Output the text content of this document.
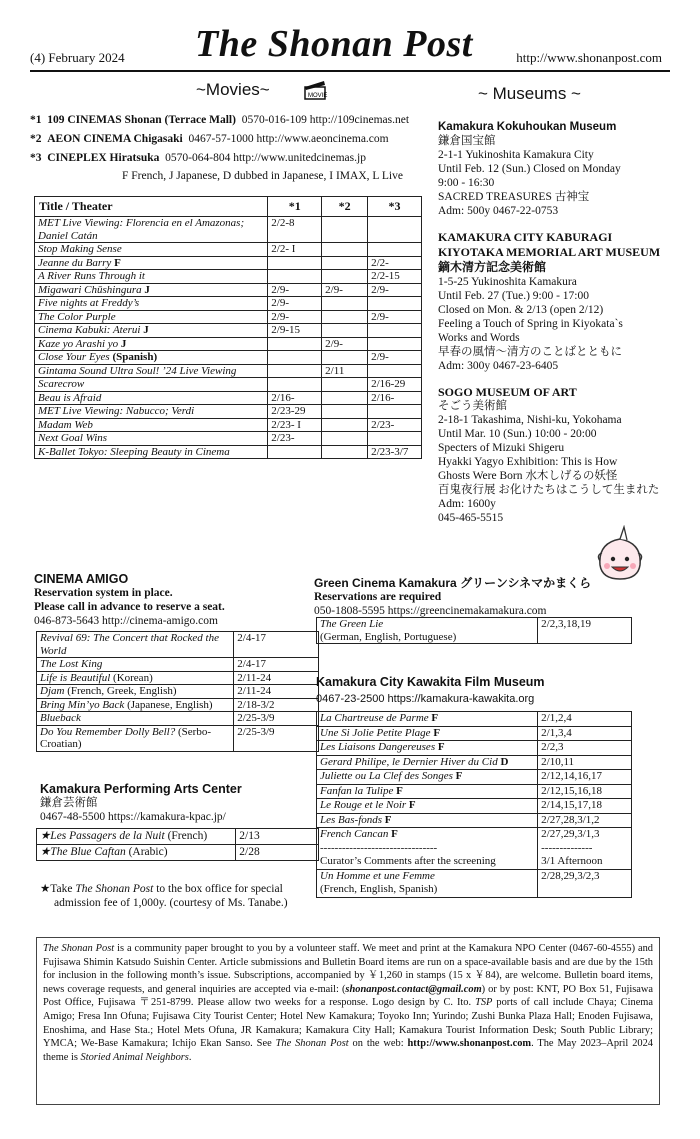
(4) February 2024 The Shonan Post	http://www.shonanpost.com
~Movies~	MOVIE
*1 109 CINEMAS Shonan (Terrace Mall) 0570-016-109 http://109cinemas.net
*2 AEON CINEMA Chigasaki 0467-57-1000 http://www.aeoncinema.com
*3 CINEPLEX Hiratsuka 0570-064-804 http://www.unitedcinemas.jp
F French, J Japanese, D dubbed in Japanese, I IMAX, L Live
Title / Theater	*1	*2	*3
MET Live Viewing: Florencia en el Amazonas; Daniel Catán	2/2-8		
Stop Making Sense	2/2- I		
Jeanne du Barry F			2/2-
A River Runs Through it			2/2-15
Migawari Chūshingura J	2/9-	2/9-	2/9-
Five nights at Freddy’s	2/9-		
The Color Purple	2/9-		2/9-
Cinema Kabuki: Aterui J	2/9-15		
Kaze yo Arashi yo J		2/9-	
Close Your Eyes (Spanish)			2/9-
Gintama Sound Ultra Soul! ’24 Live Viewing		2/11	
Scarecrow			2/16-29
Beau is Afraid	2/16-		2/16-
MET Live Viewing: Nabucco; Verdi	2/23-29		
Madam Web	2/23- I		2/23-
Next Goal Wins	2/23-		
K-Ballet Tokyo: Sleeping Beauty in Cinema			2/23-3/7
~ Museums ~
Kamakura Kokuhoukan Museum
鎌倉国宝館
2-1-1 Yukinoshita Kamakura City
Until Feb. 12 (Sun.) Closed on Monday
9:00 - 16:30
SACRED TREASURES 古神宝
Adm: 500y 0467-22-0753
KAMAKURA CITY KABURAGI KIYOTAKA MEMORIAL ART MUSEUM 鏑木清方記念美術館
1-5-25 Yukinoshita Kamakura
Until Feb. 27 (Tue.) 9:00 - 17:00
Closed on Mon. & 2/13 (open 2/12)
Feeling a Touch of Spring in Kiyokata`s
Works and Words
早春の風情～清方のことばとともに
Adm: 300y 0467-23-6405
SOGO MUSEUM OF ART
そごう美術館
2-18-1 Takashima, Nishi-ku, Yokohama
Until Mar. 10 (Sun.) 10:00 - 20:00
Specters of Mizuki Shigeru
Hyakki Yagyo Exhibition: This is How
Ghosts Were Born 水木しげるの妖怪
百鬼夜行展 お化けたちはこうして生まれた
Adm: 1600y
045-465-5515
CINEMA AMIGO
Reservation system in place.
Please call in advance to reserve a seat.
046-873-5643 http://cinema-amigo.com
Revival 69: The Concert that Rocked the World	2/4-17
The Lost King	2/4-17
Life is Beautiful (Korean)	2/11-24
Djam (French, Greek, English)	2/11-24
Bring Min’yo Back (Japanese, English)	2/18-3/2
Blueback	2/25-3/9
Do You Remember Dolly Bell? (Serbo-Croatian)	2/25-3/9
Kamakura Performing Arts Center
鎌倉芸術館
0467-48-5500 https://kamakura-kpac.jp/
★Les Passagers de la Nuit (French)	2/13
★The Blue Caftan (Arabic)	2/28
★Take The Shonan Post to the box office for special
admission fee of 1,000y. (courtesy of Ms. Tanabe.)
Green Cinema Kamakura グリーンシネマかまくら
Reservations are required
050-1808-5595 https://greencinemakamakura.com
The Green Lie
(German, English, Portuguese)	2/2,3,18,19
Kamakura City Kawakita Film Museum
0467-23-2500 https://kamakura-kawakita.org
La Chartreuse de Parme F	2/1,2,4
Une Si Jolie Petite Plage F	2/1,3,4
Les Liaisons Dangereuses F	2/2,3
Gerard Philipe, le Dernier Hiver du Cid D	2/10,11
Juliette ou La Clef des Songes F	2/12,14,16,17
Fanfan la Tulipe F	2/12,15,16,18
Le Rouge et le Noir F	2/14,15,17,18
Les Bas-fonds F	2/27,28,3/1,2
French Cancan F
--------------------------------
Curator’s Comments after the screening	2/27,29,3/1,3
--------------
3/1 Afternoon
Un Homme et une Femme
(French, English, Spanish)	2/28,29,3/2,3
The Shonan Post is a community paper brought to you by a volunteer staff. We meet and print at the Kamakura NPO Center (0467-60-4555) and Fujisawa Shimin Katsudo Suishin Center. Article submissions and Bulletin Board items are run on a space-available basis and are due by the 15th for inclusion in the following month’s issue. Subscriptions, accompanied by ￥1,260 in stamps (15 x ￥84), are welcome. Bulletin board items, news coverage requests, and general inquiries are accepted via e-mail: (shonanpost.contact@gmail.com) or by post: KNT, PO Box 51, Fujisawa Post Office, Fujisawa 〒251-8799. Please allow two weeks for a response. Logo design by C. Ito. TSP ports of call include Chaya; Cinema Amigo; Fresa Inn Ofuna; Fujisawa City Tourist Center; Hotel New Kamakura; Toyoko Inn; Yurindo; Zushi Bunka Plaza Hall; Enoden Fujisawa, Enoshima, and Hase Sta.; Hotel Mets Ofuna, JR Kamakura; Kamakura City Hall; Kamakura Tourist Information Desk; South Public Library; YMCA; We-Base Kamakura; Ichijo Ekan Sanso. See The Shonan Post on the web: http://www.shonanpost.com. The May 2023–April 2024 theme is Storied Animal Neighbors.
